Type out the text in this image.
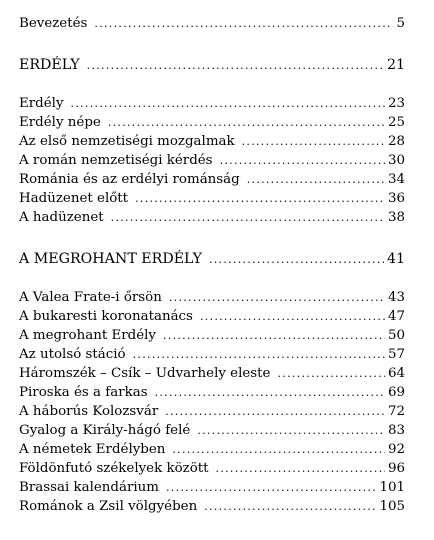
Bevezetés .....	5
ERDÉLY .....	21
Erdély .....	23
Erdély népe .....	25
Az első nemzetiségi mozgalmak .....	28
A román nemzetiségi kérdés .....	30
Románia és az erdélyi románság .....	34
Hadüzenet előtt .....	36
A hadüzenet .....	38
A MEGROHANT ERDÉLY .....	41
A Valea Frate-i őrsön .....	43
A bukaresti koronatanács .....	47
A megrohant Erdély .....	50
Az utolsó stáció .....	57
Háromszék – Csík – Udvarhely eleste .....	64
Piroska és a farkas .....	69
A háborús Kolozsvár .....	72
Gyalog a Király-hágó felé .....	83
A németek Erdélyben .....	92
Földönfutó székelyek között .....	96
Brassai kalendárium .....	101
Románok a Zsil völgyében .....	105
